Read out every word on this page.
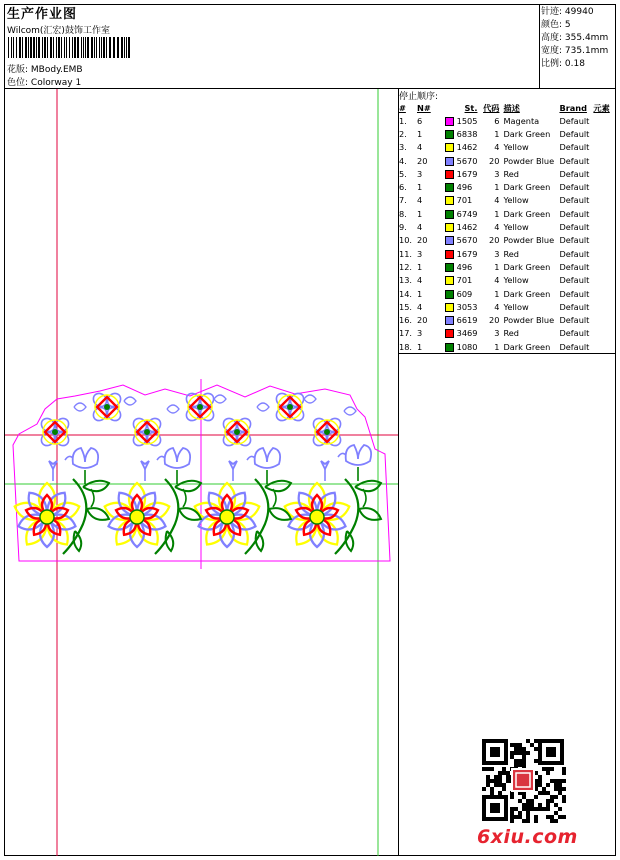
生产作业图
Wilcom(汇宏)鼓饰工作室
花版: MBody.EMB
色位: Colorway 1
针迹: 49940
颜色: 5
高度: 355.4mm
宽度: 735.1mm
比例: 0.18
停止顺序:
#	N#	St.	代码	描述	Brand	元素
1.	6	1505	6	Magenta	Default	
2.	1	6838	1	Dark Green	Default	
3.	4	1462	4	Yellow	Default	
4.	20	5670	20	Powder Blue	Default	
5.	3	1679	3	Red	Default	
6.	1	496	1	Dark Green	Default	
7.	4	701	4	Yellow	Default	
8.	1	6749	1	Dark Green	Default	
9.	4	1462	4	Yellow	Default	
10.	20	5670	20	Powder Blue	Default	
11.	3	1679	3	Red	Default	
12.	1	496	1	Dark Green	Default	
13.	4	701	4	Yellow	Default	
14.	1	609	1	Dark Green	Default	
15.	4	3053	4	Yellow	Default	
16.	20	6619	20	Powder Blue	Default	
17.	3	3469	3	Red	Default	
18.	1	1080	1	Dark Green	Default	
6xiu.com
